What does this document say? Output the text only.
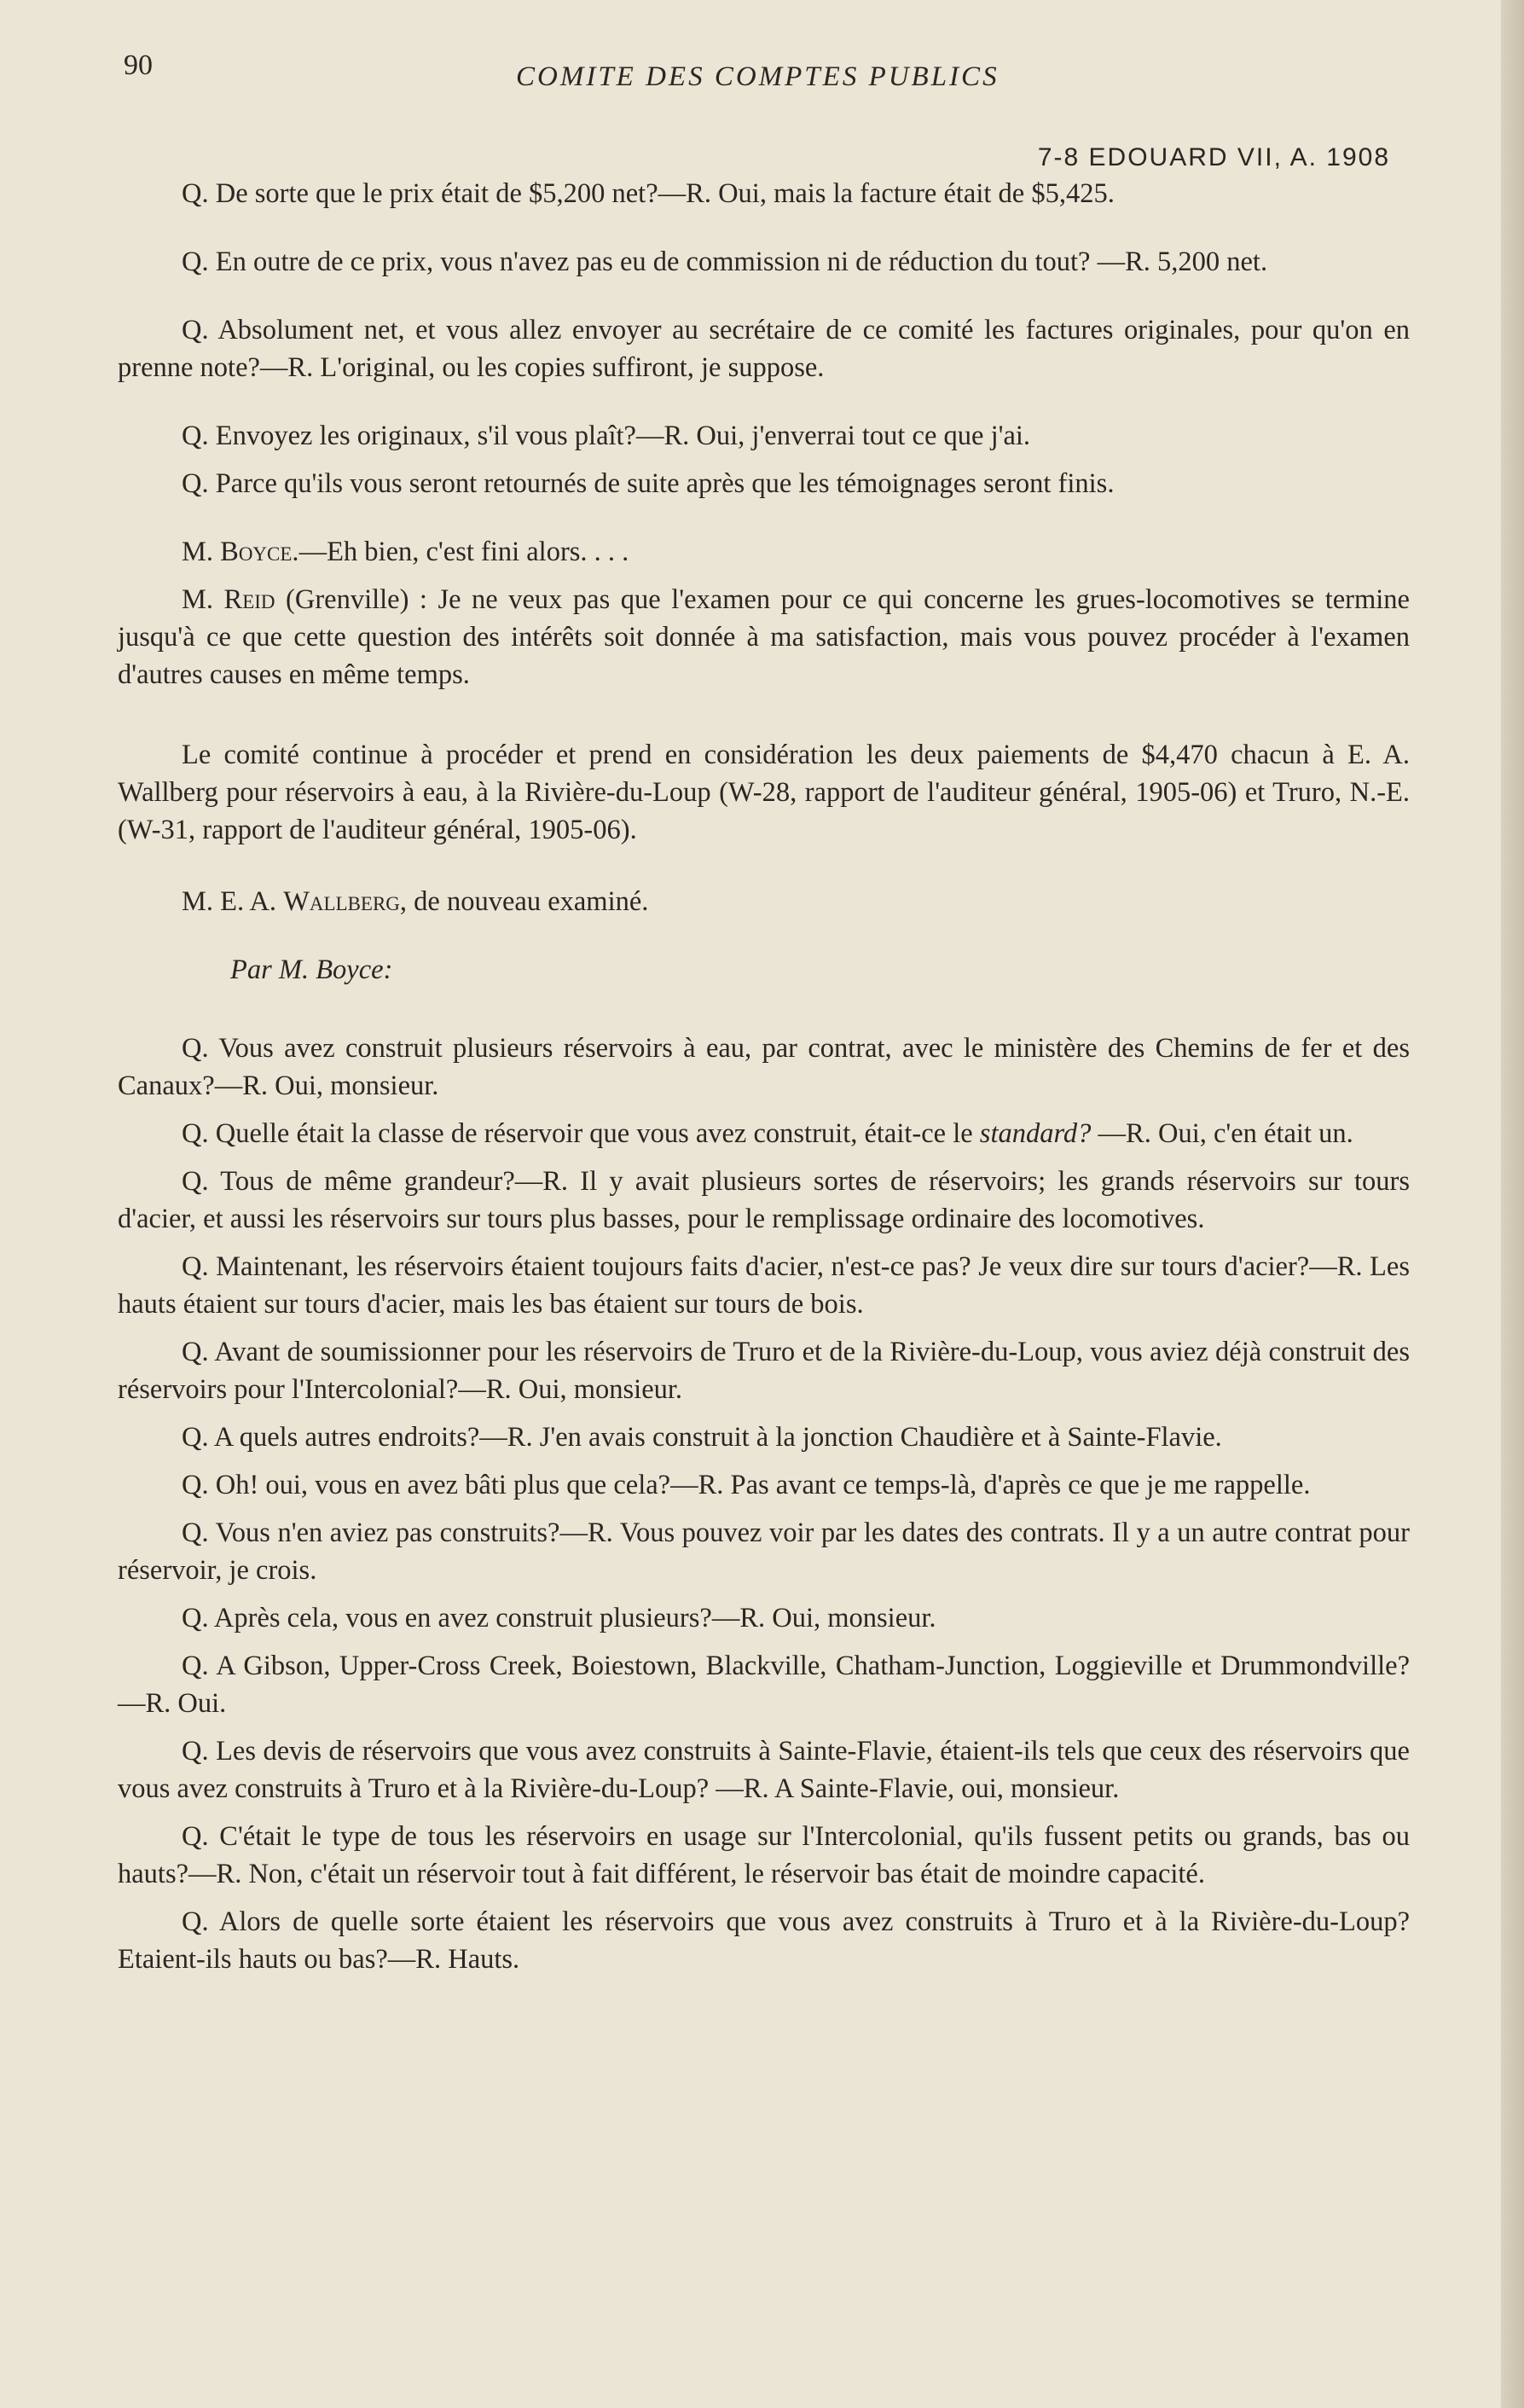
90	COMITE DES COMPTES PUBLICS
7-8 EDOUARD VII, A. 1908

Q. De sorte que le prix était de $5,200 net?—R. Oui, mais la facture était de $5,425.

Q. En outre de ce prix, vous n'avez pas eu de commission ni de réduction du tout? —R. 5,200 net.

Q. Absolument net, et vous allez envoyer au secrétaire de ce comité les factures originales, pour qu'on en prenne note?—R. L'original, ou les copies suffiront, je suppose.

Q. Envoyez les originaux, s'il vous plaît?—R. Oui, j'enverrai tout ce que j'ai.

Q. Parce qu'ils vous seront retournés de suite après que les témoignages seront finis.

M. Boyce.—Eh bien, c'est fini alors. . . .

M. Reid (Grenville) : Je ne veux pas que l'examen pour ce qui concerne les grues-locomotives se termine jusqu'à ce que cette question des intérêts soit donnée à ma satisfaction, mais vous pouvez procéder à l'examen d'autres causes en même temps.

Le comité continue à procéder et prend en considération les deux paiements de $4,470 chacun à E. A. Wallberg pour réservoirs à eau, à la Rivière-du-Loup (W-28, rapport de l'auditeur général, 1905-06) et Truro, N.-E. (W-31, rapport de l'auditeur général, 1905-06).

M. E. A. Wallberg, de nouveau examiné.

Par M. Boyce:

Q. Vous avez construit plusieurs réservoirs à eau, par contrat, avec le ministère des Chemins de fer et des Canaux?—R. Oui, monsieur.

Q. Quelle était la classe de réservoir que vous avez construit, était-ce le standard? —R. Oui, c'en était un.

Q. Tous de même grandeur?—R. Il y avait plusieurs sortes de réservoirs; les grands réservoirs sur tours d'acier, et aussi les réservoirs sur tours plus basses, pour le remplissage ordinaire des locomotives.

Q. Maintenant, les réservoirs étaient toujours faits d'acier, n'est-ce pas? Je veux dire sur tours d'acier?—R. Les hauts étaient sur tours d'acier, mais les bas étaient sur tours de bois.

Q. Avant de soumissionner pour les réservoirs de Truro et de la Rivière-du-Loup, vous aviez déjà construit des réservoirs pour l'Intercolonial?—R. Oui, monsieur.

Q. A quels autres endroits?—R. J'en avais construit à la jonction Chaudière et à Sainte-Flavie.

Q. Oh! oui, vous en avez bâti plus que cela?—R. Pas avant ce temps-là, d'après ce que je me rappelle.

Q. Vous n'en aviez pas construits?—R. Vous pouvez voir par les dates des contrats. Il y a un autre contrat pour réservoir, je crois.

Q. Après cela, vous en avez construit plusieurs?—R. Oui, monsieur.

Q. A Gibson, Upper-Cross Creek, Boiestown, Blackville, Chatham-Junction, Loggieville et Drummondville?—R. Oui.

Q. Les devis de réservoirs que vous avez construits à Sainte-Flavie, étaient-ils tels que ceux des réservoirs que vous avez construits à Truro et à la Rivière-du-Loup? —R. A Sainte-Flavie, oui, monsieur.

Q. C'était le type de tous les réservoirs en usage sur l'Intercolonial, qu'ils fussent petits ou grands, bas ou hauts?—R. Non, c'était un réservoir tout à fait différent, le réservoir bas était de moindre capacité.

Q. Alors de quelle sorte étaient les réservoirs que vous avez construits à Truro et à la Rivière-du-Loup? Etaient-ils hauts ou bas?—R. Hauts.
